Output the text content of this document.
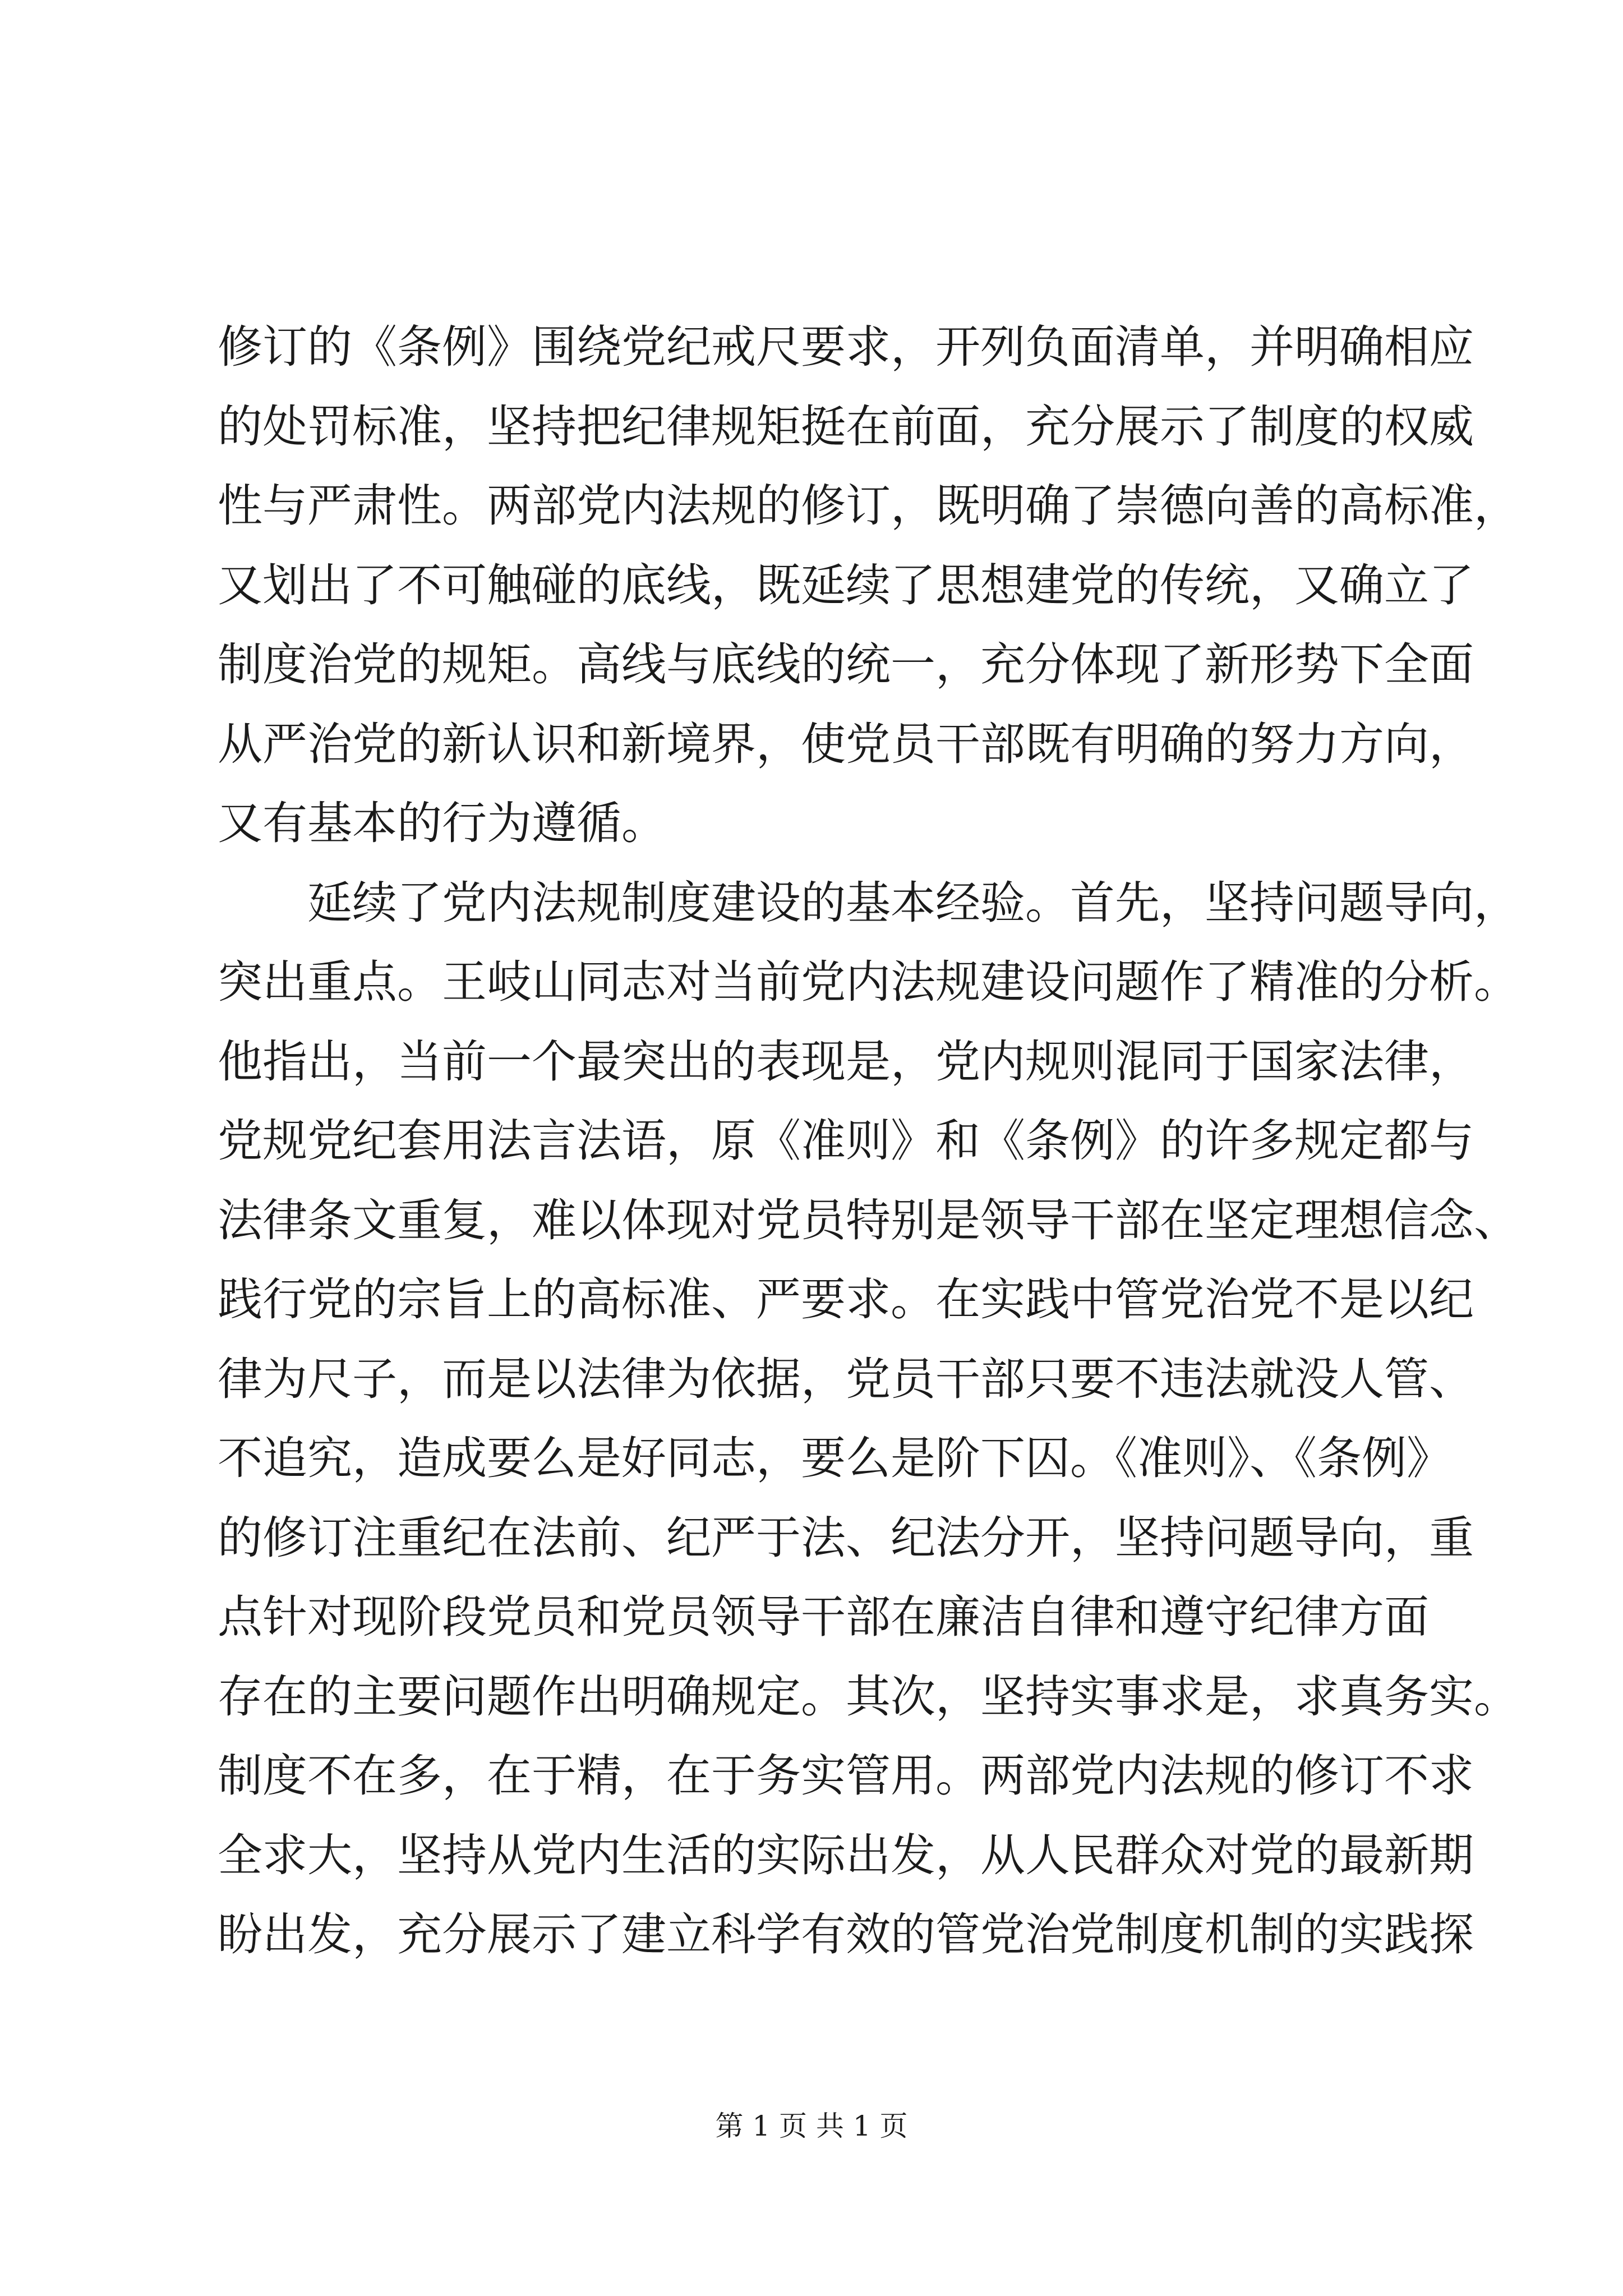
修订的《条例》围绕党纪戒尺要求，开列负面清单，并明确相应
的处罚标准，坚持把纪律规矩挺在前面，充分展示了制度的权威
性与严肃性。两部党内法规的修订，既明确了崇德向善的高标准，
又划出了不可触碰的底线，既延续了思想建党的传统，又确立了
制度治党的规矩。高线与底线的统一，充分体现了新形势下全面
从严治党的新认识和新境界，使党员干部既有明确的努力方向，
又有基本的行为遵循。
延续了党内法规制度建设的基本经验。首先，坚持问题导向，
突出重点。王岐山同志对当前党内法规建设问题作了精准的分析。
他指出，当前一个最突出的表现是，党内规则混同于国家法律，
党规党纪套用法言法语，原《准则》和《条例》的许多规定都与
法律条文重复，难以体现对党员特别是领导干部在坚定理想信念、
践行党的宗旨上的高标准、严要求。在实践中管党治党不是以纪
律为尺子，而是以法律为依据，党员干部只要不违法就没人管、
不追究，造成要么是好同志，要么是阶下囚。《准则》、《条例》
的修订注重纪在法前、纪严于法、纪法分开，坚持问题导向，重
点针对现阶段党员和党员领导干部在廉洁自律和遵守纪律方面
存在的主要问题作出明确规定。其次，坚持实事求是，求真务实。
制度不在多，在于精，在于务实管用。两部党内法规的修订不求
全求大，坚持从党内生活的实际出发，从人民群众对党的最新期
盼出发，充分展示了建立科学有效的管党治党制度机制的实践探
第 1 页 共 1 页
